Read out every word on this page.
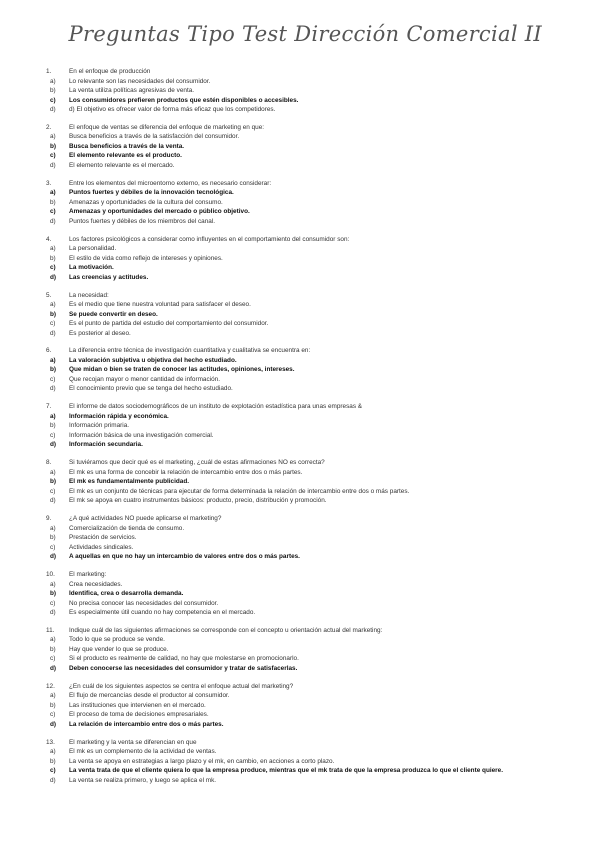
Preguntas Tipo Test Dirección Comercial II
1.	En el enfoque de producción
a)	Lo relevante son las necesidades del consumidor.
b)	La venta utiliza políticas agresivas de venta.
c)	Los consumidores prefieren productos que estén disponibles o accesibles.
d)	d) El objetivo es ofrecer valor de forma más eficaz que los competidores.
2.	El enfoque de ventas se diferencia del enfoque de marketing en que:
a)	Busca beneficios a través de la satisfacción del consumidor.
b)	Busca beneficios a través de la venta.
c)	El elemento relevante es el producto.
d)	El elemento relevante es el mercado.
3.	Entre los elementos del microentorno externo, es necesario considerar:
a)	Puntos fuertes y débiles de la innovación tecnológica.
b)	Amenazas y oportunidades de la cultura del consumo.
c)	Amenazas y oportunidades del mercado o público objetivo.
d)	Puntos fuertes y débiles de los miembros del canal.
4.	Los factores psicológicos a considerar como influyentes en el comportamiento del consumidor son:
a)	La personalidad.
b)	El estilo de vida como reflejo de intereses y opiniones.
c)	La motivación.
d)	Las creencias y actitudes.
5.	La necesidad:
a)	Es el medio que tiene nuestra voluntad para satisfacer el deseo.
b)	Se puede convertir en deseo.
c)	Es el punto de partida del estudio del comportamiento del consumidor.
d)	Es posterior al deseo.
6.	La diferencia entre técnica de investigación cuantitativa y cualitativa se encuentra en:
a)	La valoración subjetiva u objetiva del hecho estudiado.
b)	Que midan o bien se traten de conocer las actitudes, opiniones, intereses.
c)	Que recojan mayor o menor cantidad de información.
d)	El conocimiento previo que se tenga del hecho estudiado.
7.	El informe de datos sociodemográficos de un instituto de explotación estadística para unas empresas &
a)	Información rápida y económica.
b)	Información primaria.
c)	Información básica de una investigación comercial.
d)	Información secundaria.
8.	Si tuviéramos que decir qué es el marketing, ¿cuál de estas afirmaciones NO es correcta?
a)	El mk es una forma de concebir la relación de intercambio entre dos o más partes.
b)	El mk es fundamentalmente publicidad.
c)	El mk es un conjunto de técnicas para ejecutar de forma determinada la relación de intercambio entre dos o más partes.
d)	El mk se apoya en cuatro instrumentos básicos: producto, precio, distribución y promoción.
9.	¿A qué actividades NO puede aplicarse el marketing?
a)	Comercialización de tienda de consumo.
b)	Prestación de servicios.
c)	Actividades sindicales.
d)	A aquellas en que no hay un intercambio de valores entre dos o más partes.
10.	El marketing:
a)	Crea necesidades.
b)	Identifica, crea o desarrolla demanda.
c)	No precisa conocer las necesidades del consumidor.
d)	Es especialmente útil cuando no hay competencia en el mercado.
11.	Indique cuál de las siguientes afirmaciones se corresponde con el concepto u orientación actual del marketing:
a)	Todo lo que se produce se vende.
b)	Hay que vender lo que se produce.
c)	Si el producto es realmente de calidad, no hay que molestarse en promocionarlo.
d)	Deben conocerse las necesidades del consumidor y tratar de satisfacerlas.
12.	¿En cuál de los siguientes aspectos se centra el enfoque actual del marketing?
a)	El flujo de mercancías desde el productor al consumidor.
b)	Las instituciones que intervienen en el mercado.
c)	El proceso de toma de decisiones empresariales.
d)	La relación de intercambio entre dos o más partes.
13.	El marketing y la venta se diferencian en que
a)	El mk es un complemento de la actividad de ventas.
b)	La venta se apoya en estrategias a largo plazo y el mk, en cambio, en acciones a corto plazo.
c)	La venta trata de que el cliente quiera lo que la empresa produce, mientras que el mk trata de que la empresa produzca lo que el cliente quiere.
d)	La venta se realiza primero, y luego se aplica el mk.
